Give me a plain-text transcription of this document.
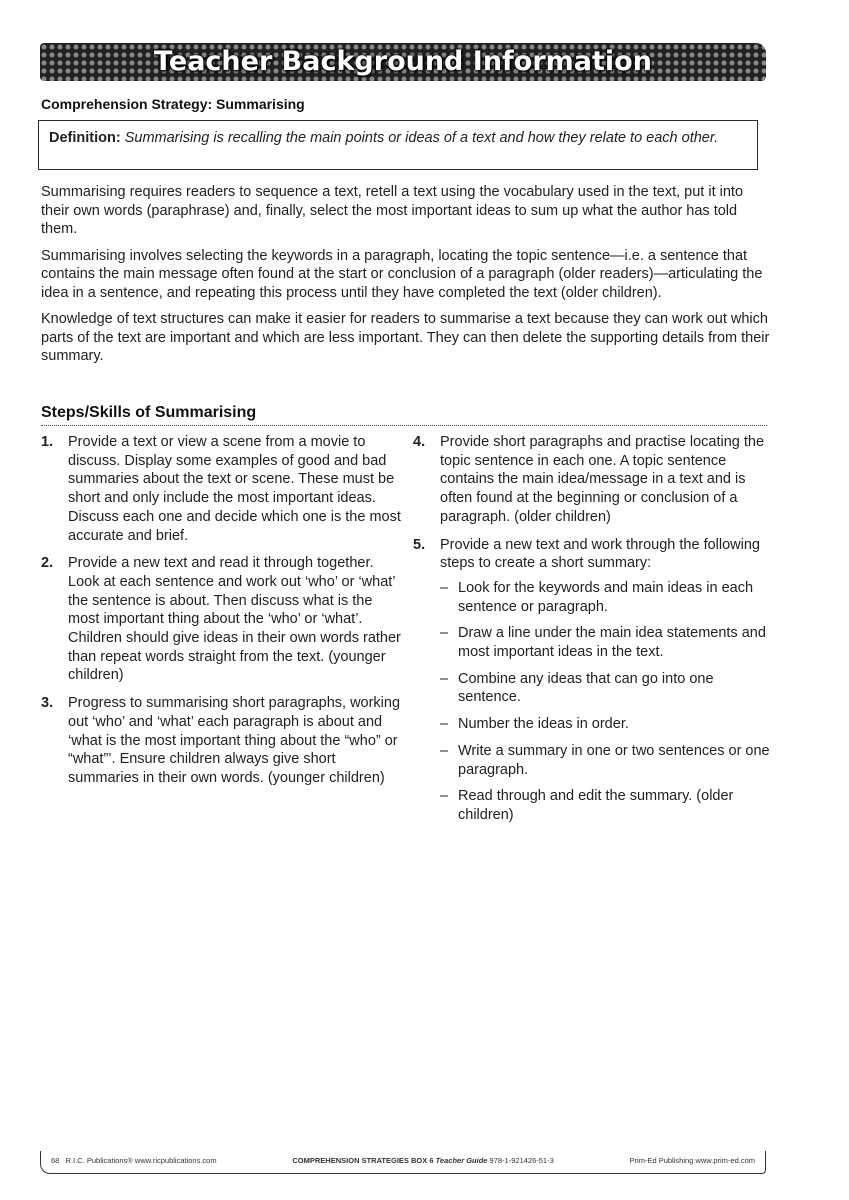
Teacher Background Information
Comprehension Strategy: Summarising
Definition: Summarising is recalling the main points or ideas of a text and how they relate to each other.

Summarising requires readers to sequence a text, retell a text using the vocabulary used in the text, put it into their own words (paraphrase) and, finally, select the most important ideas to sum up what the author has told them.

Summarising involves selecting the keywords in a paragraph, locating the topic sentence—i.e. a sentence that contains the main message often found at the start or conclusion of a paragraph (older readers)—articulating the idea in a sentence, and repeating this process until they have completed the text (older children).

Knowledge of text structures can make it easier for readers to summarise a text because they can work out which parts of the text are important and which are less important. They can then delete the supporting details from their summary.

Steps/Skills of Summarising
1. Provide a text or view a scene from a movie to discuss. Display some examples of good and bad summaries about the text or scene. These must be short and only include the most important ideas. Discuss each one and decide which one is the most accurate and brief.
2. Provide a new text and read it through together. Look at each sentence and work out ‘who’ or ‘what’ the sentence is about. Then discuss what is the most important thing about the ‘who’ or ‘what’. Children should give ideas in their own words rather than repeat words straight from the text. (younger children)
3. Progress to summarising short paragraphs, working out ‘who’ and ‘what’ each paragraph is about and ‘what is the most important thing about the “who” or “what”’. Ensure children always give short summaries in their own words. (younger children)
4. Provide short paragraphs and practise locating the topic sentence in each one. A topic sentence contains the main idea/message in a text and is often found at the beginning or conclusion of a paragraph. (older children)
5. Provide a new text and work through the following steps to create a short summary:
– Look for the keywords and main ideas in each sentence or paragraph.
– Draw a line under the main idea statements and most important ideas in the text.
– Combine any ideas that can go into one sentence.
– Number the ideas in order.
– Write a summary in one or two sentences or one paragraph.
– Read through and edit the summary. (older children)
68 R.I.C. Publications® www.ricpublications.com	COMPREHENSION STRATEGIES BOX 6 Teacher Guide 978-1-921426-51-3	Prim-Ed Publishing www.prim-ed.com
